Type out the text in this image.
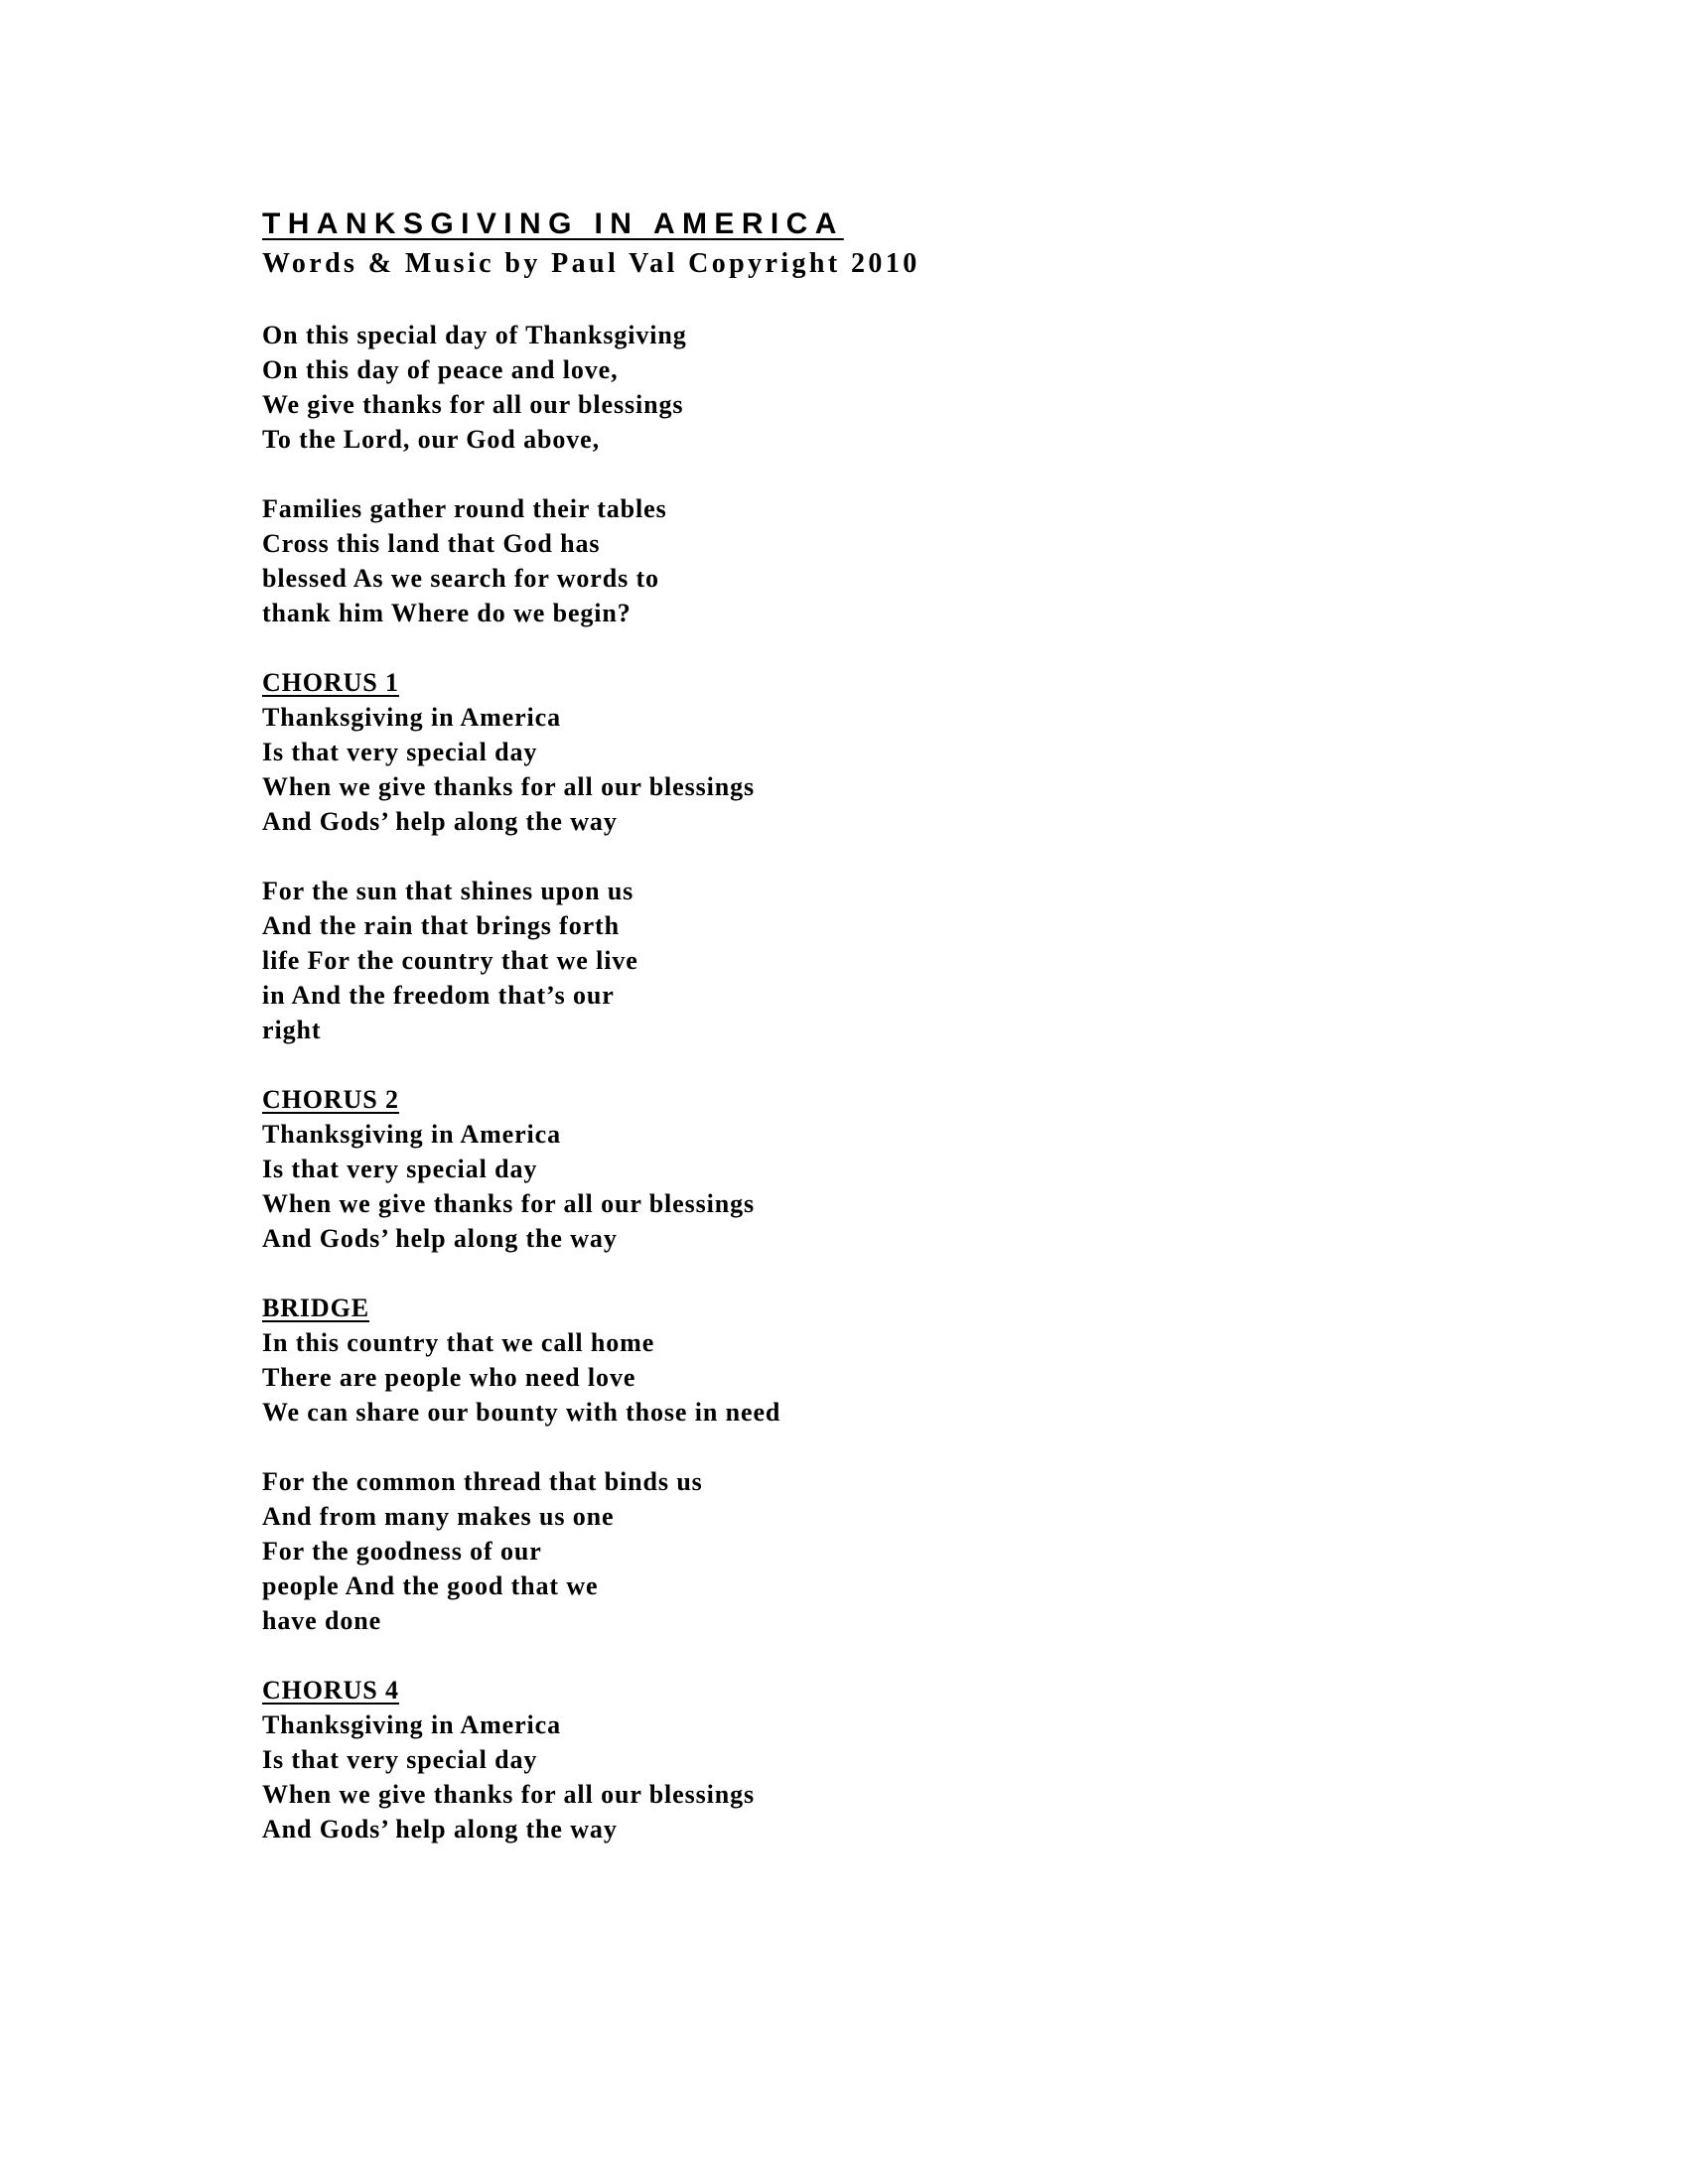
THANKSGIVING IN AMERICA
Words & Music by Paul Val Copyright 2010
On this special day of Thanksgiving
On this day of peace and love,
We give thanks for all our blessings
To the Lord, our God above,
Families gather round their tables
Cross this land that God has
blessed As we search for words to
thank him Where do we begin?
CHORUS 1
Thanksgiving in America
Is that very special day
When we give thanks for all our blessings
And Gods’ help along the way
For the sun that shines upon us
And the rain that brings forth
life For the country that we live
in And the freedom that’s our
right
CHORUS 2
Thanksgiving in America
Is that very special day
When we give thanks for all our blessings
And Gods’ help along the way
BRIDGE
In this country that we call home
There are people who need love
We can share our bounty with those in need
For the common thread that binds us
And from many makes us one
For the goodness of our
people And the good that we
have done
CHORUS 4
Thanksgiving in America
Is that very special day
When we give thanks for all our blessings
And Gods’ help along the way
